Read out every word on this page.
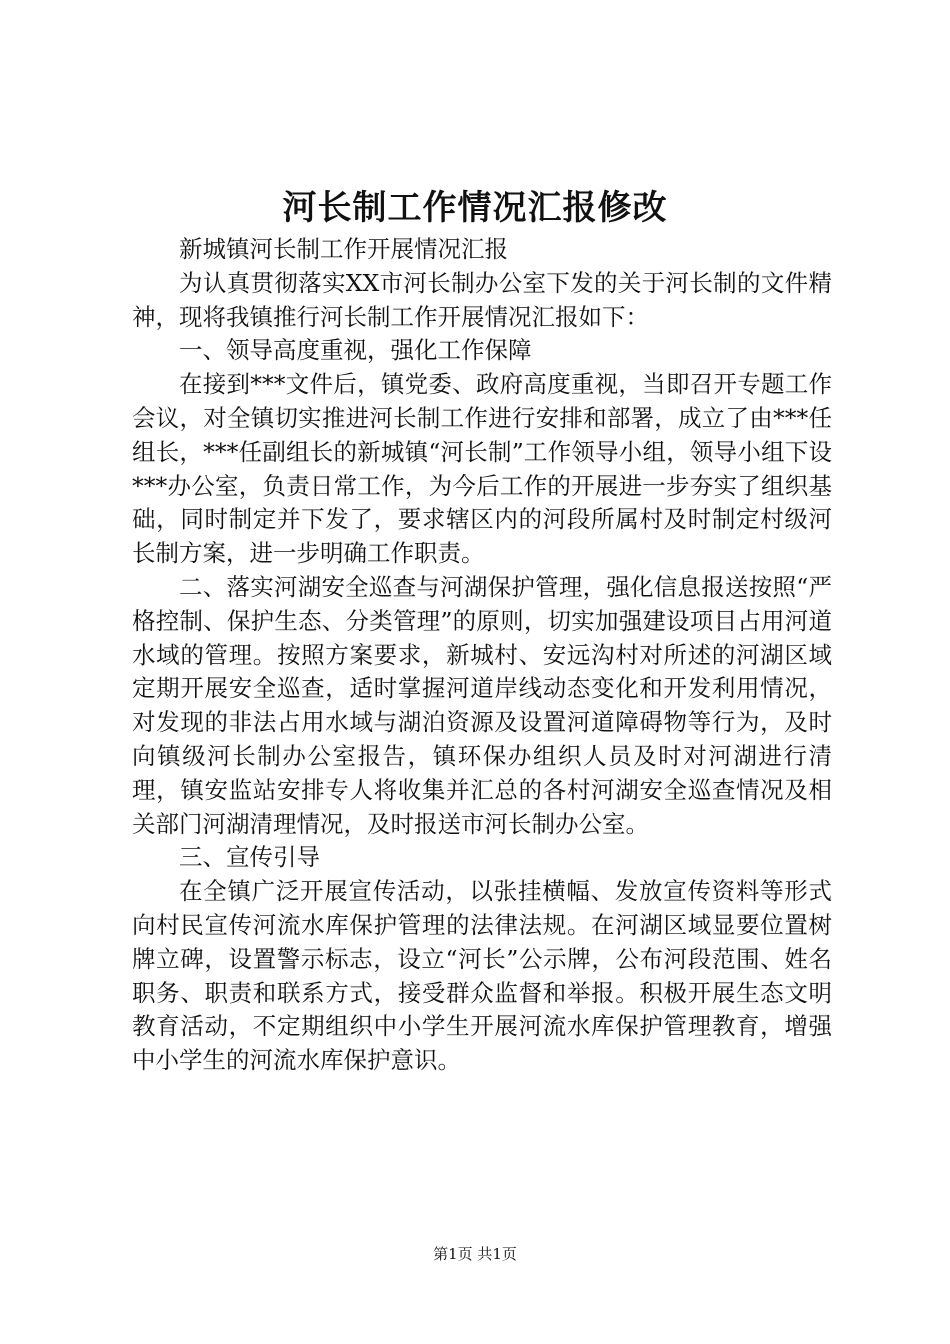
河长制工作情况汇报修改

新城镇河长制工作开展情况汇报

为认真贯彻落实XX市河长制办公室下发的关于河长制的文件精神，现将我镇推行河长制工作开展情况汇报如下：

一、领导高度重视，强化工作保障

在接到***文件后，镇党委、政府高度重视，当即召开专题工作会议，对全镇切实推进河长制工作进行安排和部署，成立了由***任组长，***任副组长的新城镇“河长制”工作领导小组，领导小组下设***办公室，负责日常工作，为今后工作的开展进一步夯实了组织基础，同时制定并下发了，要求辖区内的河段所属村及时制定村级河长制方案，进一步明确工作职责。

二、落实河湖安全巡查与河湖保护管理，强化信息报送按照“严格控制、保护生态、分类管理”的原则，切实加强建设项目占用河道水域的管理。按照方案要求，新城村、安远沟村对所述的河湖区域定期开展安全巡查，适时掌握河道岸线动态变化和开发利用情况，对发现的非法占用水域与湖泊资源及设置河道障碍物等行为，及时向镇级河长制办公室报告，镇环保办组织人员及时对河湖进行清理，镇安监站安排专人将收集并汇总的各村河湖安全巡查情况及相关部门河湖清理情况，及时报送市河长制办公室。

三、宣传引导

在全镇广泛开展宣传活动，以张挂横幅、发放宣传资料等形式向村民宣传河流水库保护管理的法律法规。在河湖区域显要位置树牌立碑，设置警示标志，设立“河长”公示牌，公布河段范围、姓名职务、职责和联系方式，接受群众监督和举报。积极开展生态文明教育活动，不定期组织中小学生开展河流水库保护管理教育，增强中小学生的河流水库保护意识。

第1页 共1页
